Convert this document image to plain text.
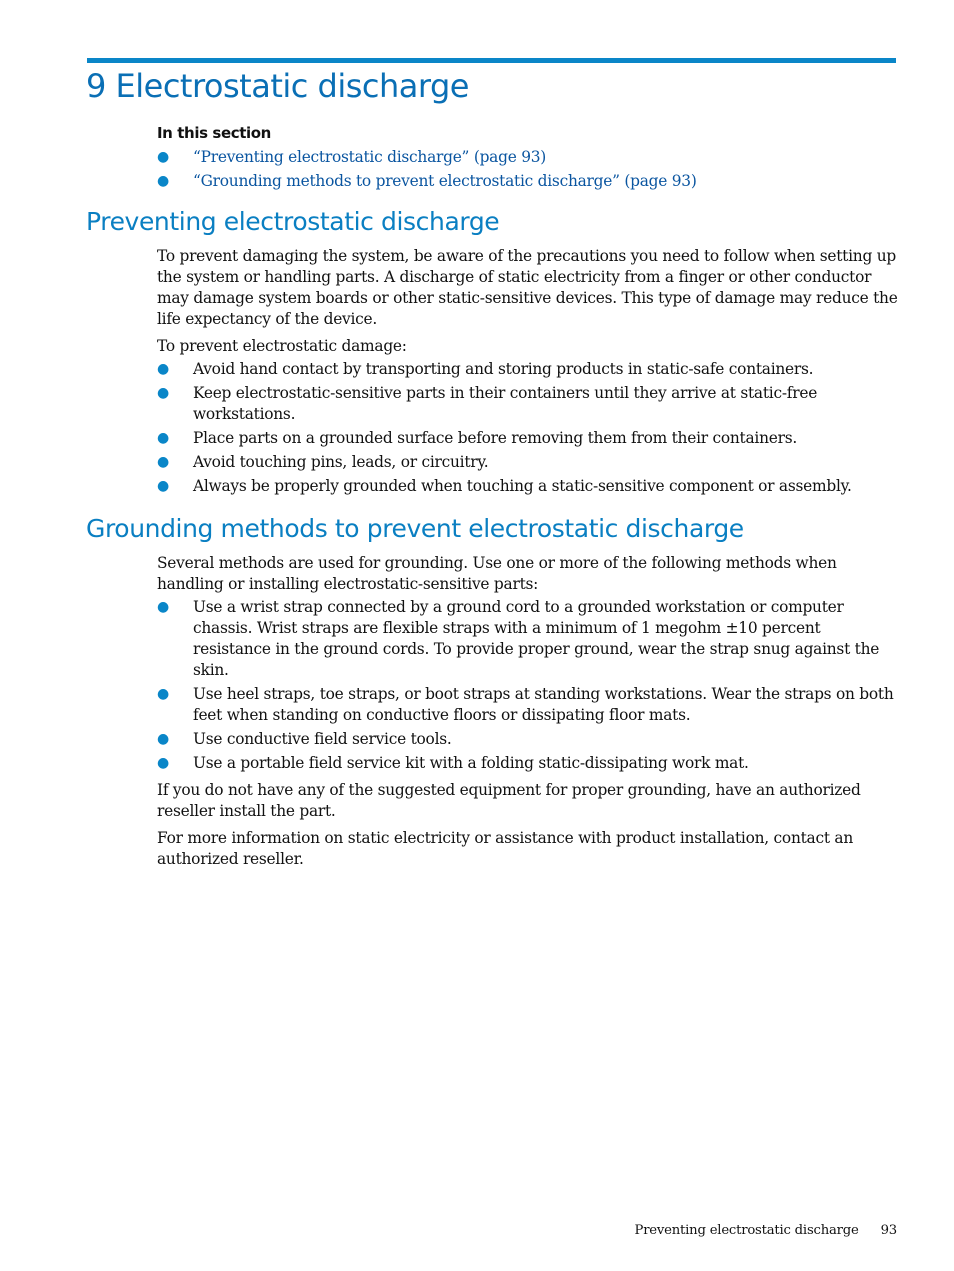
9 Electrostatic discharge
In this section
● “Preventing electrostatic discharge” (page 93)
● “Grounding methods to prevent electrostatic discharge” (page 93)
Preventing electrostatic discharge

To prevent damaging the system, be aware of the precautions you need to follow when setting up the system or handling parts. A discharge of static electricity from a finger or other conductor may damage system boards or other static-sensitive devices. This type of damage may reduce the life expectancy of the device.

To prevent electrostatic damage:

● Avoid hand contact by transporting and storing products in static-safe containers.
● Keep electrostatic-sensitive parts in their containers until they arrive at static-free workstations.
● Place parts on a grounded surface before removing them from their containers.
● Avoid touching pins, leads, or circuitry.
● Always be properly grounded when touching a static-sensitive component or assembly.
Grounding methods to prevent electrostatic discharge

Several methods are used for grounding. Use one or more of the following methods when handling or installing electrostatic-sensitive parts:

● Use a wrist strap connected by a ground cord to a grounded workstation or computer chassis. Wrist straps are flexible straps with a minimum of 1 megohm ±10 percent resistance in the ground cords. To provide proper ground, wear the strap snug against the skin.
● Use heel straps, toe straps, or boot straps at standing workstations. Wear the straps on both feet when standing on conductive floors or dissipating floor mats.
● Use conductive field service tools.
● Use a portable field service kit with a folding static-dissipating work mat.

If you do not have any of the suggested equipment for proper grounding, have an authorized reseller install the part.

For more information on static electricity or assistance with product installation, contact an authorized reseller.

Preventing electrostatic discharge 93
